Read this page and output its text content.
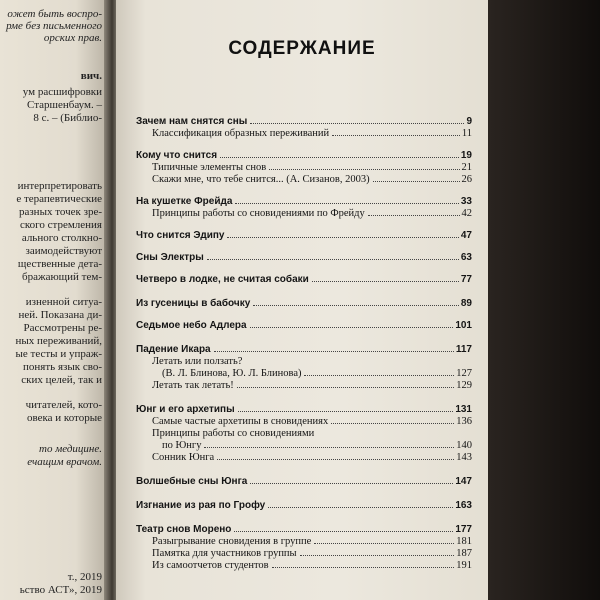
ожет быть воспро-
рме без письменного
орских прав.
вич.
ум расшифровки
Старшенбаум. –
8 с. – (Библио-
интерпретировать
е терапевтические
разных точек зре-
ского стремления
ального столкно-
заимодействуют
щественные дета-
бражающий тем-
изненной ситуа-
ней. Показана ди-
Рассмотрены ре-
ных переживаний,
ые тесты и упраж-
понять язык сво-
ских целей, так и
читателей, кото-
овека и которые
то медицине.
ечащим врачом.
т., 2019
ьство АСТ», 2019
СОДЕРЖАНИЕ
Зачем нам снятся сны	9
Классификация образных переживаний	11
Кому что снится	19
Типичные элементы снов	21
Скажи мне, что тебе снится... (А. Сизанов, 2003)	26
На кушетке Фрейда	33
Принципы работы со сновидениями по Фрейду	42
Что снится Эдипу	47
Сны Электры	63
Четверо в лодке, не считая собаки	77
Из гусеницы в бабочку	89
Седьмое небо Адлера	101
Падение Икара	117
Летать или ползать?
(В. Л. Блинова, Ю. Л. Блинова)	127
Летать так летать!	129
Юнг и его архетипы	131
Самые частые архетипы в сновидениях	136
Принципы работы со сновидениями
по Юнгу	140
Сонник Юнга	143
Волшебные сны Юнга	147
Изгнание из рая по Грофу	163
Театр снов Морено	177
Разыгрывание сновидения в группе	181
Памятка для участников группы	187
Из самоотчетов студентов	191
